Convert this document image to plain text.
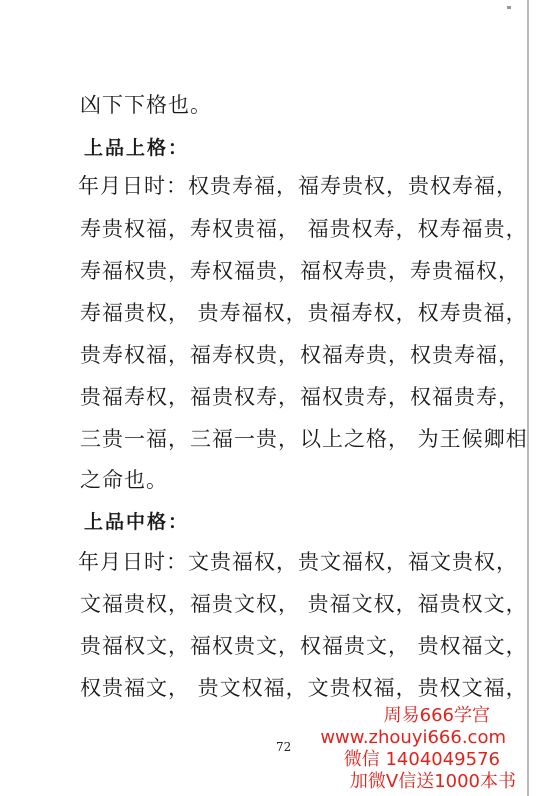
凶下下格也。
上品上格：
年月日时：权贵寿福，福寿贵权，贵权寿福，
寿贵权福，寿权贵福， 福贵权寿，权寿福贵，
寿福权贵，寿权福贵，福权寿贵，寿贵福权，
寿福贵权， 贵寿福权，贵福寿权，权寿贵福，
贵寿权福，福寿权贵，权福寿贵，权贵寿福，
贵福寿权，福贵权寿，福权贵寿，权福贵寿，
三贵一福，三福一贵，以上之格， 为王候卿相
之命也。
上品中格：
年月日时：文贵福权，贵文福权，福文贵权，
文福贵权，福贵文权， 贵福文权，福贵权文，
贵福权文，福权贵文，权福贵文， 贵权福文，
权贵福文， 贵文权福，文贵权福，贵权文福，
72
周易666学宫
www.zhouyi666.com
微信 1404049576
加微V信送1000本书
